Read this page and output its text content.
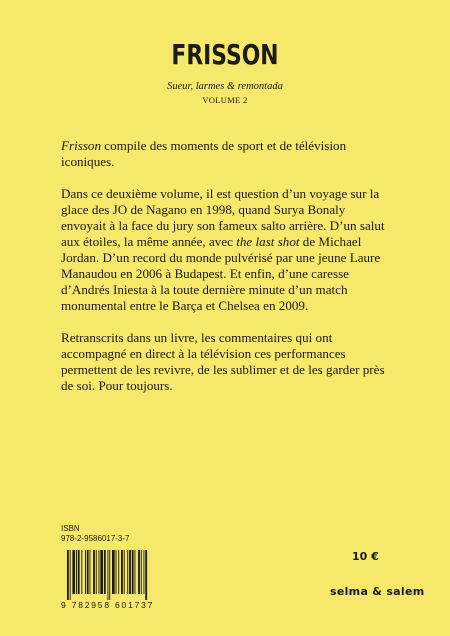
FRISSON
Sueur, larmes & remontada
VOLUME 2

Frisson compile des moments de sport et de télévision iconiques.

Dans ce deuxième volume, il est question d’un voyage sur la glace des JO de Nagano en 1998, quand Surya Bonaly envoyait à la face du jury son fameux salto arrière. D’un salut aux étoiles, la même année, avec the last shot de Michael Jordan. D’un record du monde pulvérisé par une jeune Laure Manaudou en 2006 à Budapest. Et enfin, d’une caresse d’Andrés Iniesta à la toute dernière minute d’un match monumental entre le Barça et Chelsea en 2009.

Retranscrits dans un livre, les commentaires qui ont accompagné en direct à la télévision ces performances permettent de les revivre, de les sublimer et de les garder près de soi. Pour toujours.

ISBN
978-2-9586017-3-7
9 782958 601737
10 €
selma & salem
